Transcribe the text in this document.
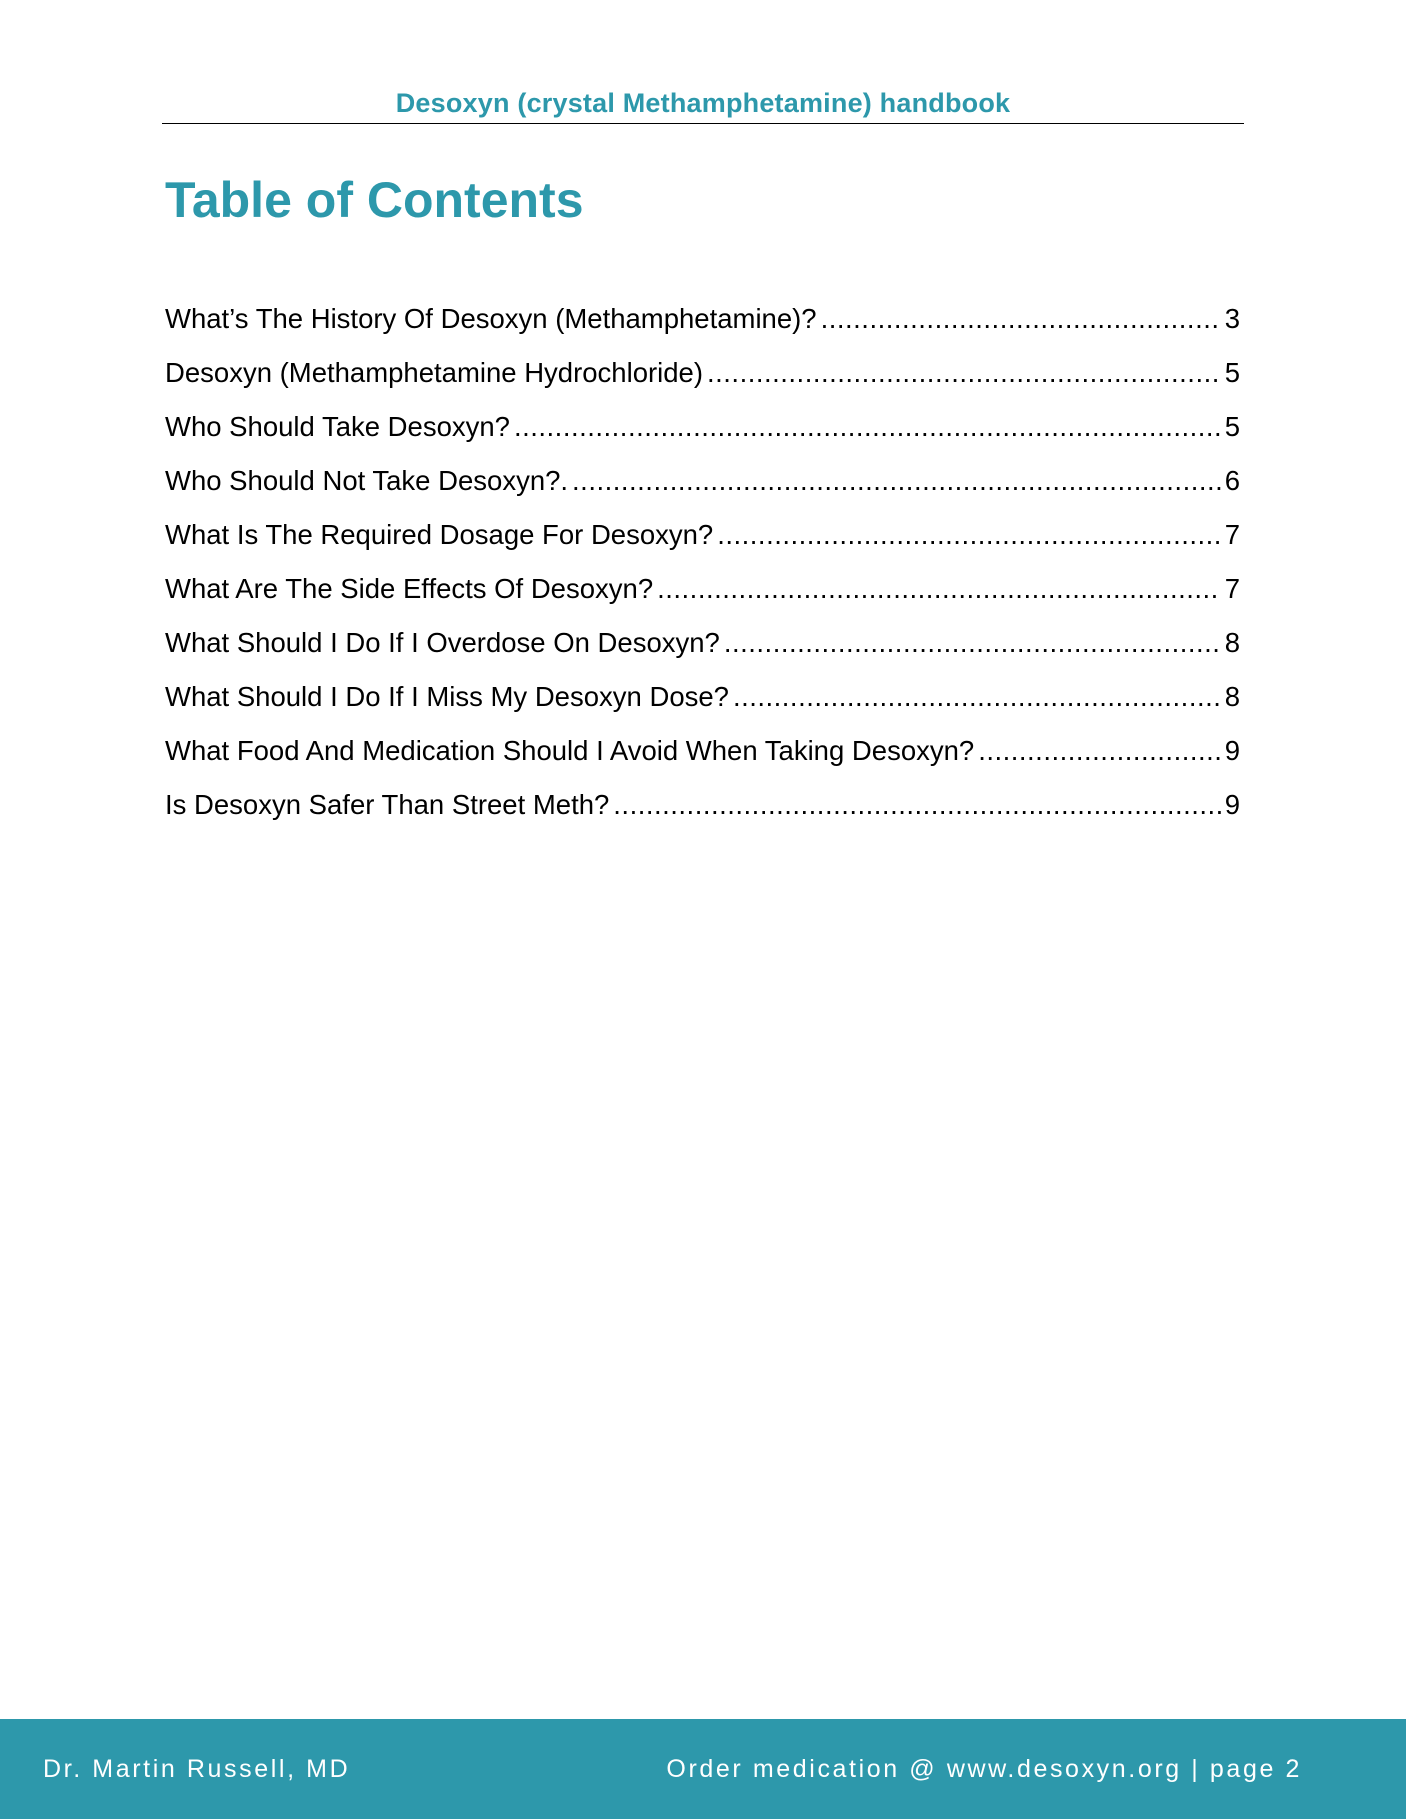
Desoxyn (crystal Methamphetamine) handbook
Table of Contents
What’s The History Of Desoxyn (Methamphetamine)? .....	3
Desoxyn (Methamphetamine Hydrochloride) .....	5
Who Should Take Desoxyn? .....	5
Who Should Not Take Desoxyn?. .....	6
What Is The Required Dosage For Desoxyn? .....	7
What Are The Side Effects Of Desoxyn? .....	7
What Should I Do If I Overdose On Desoxyn? .....	8
What Should I Do If I Miss My Desoxyn Dose? .....	8
What Food And Medication Should I Avoid When Taking Desoxyn? .....	9
Is Desoxyn Safer Than Street Meth? .....	9
Dr. Martin Russell, MD	Order medication @ www.desoxyn.org | page 2
